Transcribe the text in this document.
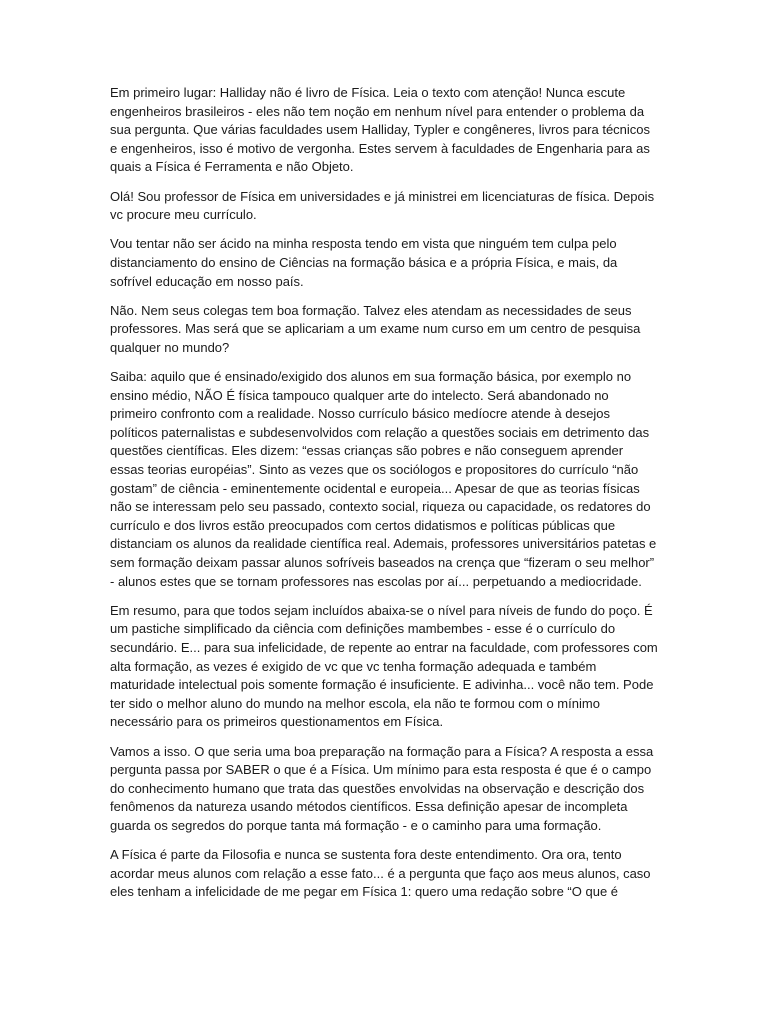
Em primeiro lugar: Halliday não é livro de Física. Leia o texto com atenção! Nunca escute engenheiros brasileiros - eles não tem noção em nenhum nível para entender o problema da sua pergunta. Que várias faculdades usem Halliday, Typler e congêneres, livros para técnicos e engenheiros, isso é motivo de vergonha. Estes servem à faculdades de Engenharia para as quais a Física é Ferramenta e não Objeto.

Olá! Sou professor de Física em universidades e já ministrei em licenciaturas de física. Depois vc procure meu currículo.

Vou tentar não ser ácido na minha resposta tendo em vista que ninguém tem culpa pelo distanciamento do ensino de Ciências na formação básica e a própria Física, e mais, da sofrível educação em nosso país.

Não. Nem seus colegas tem boa formação. Talvez eles atendam as necessidades de seus professores. Mas será que se aplicariam a um exame num curso em um centro de pesquisa qualquer no mundo?

Saiba: aquilo que é ensinado/exigido dos alunos em sua formação básica, por exemplo no ensino médio, NÃO É física tampouco qualquer arte do intelecto. Será abandonado no primeiro confronto com a realidade. Nosso currículo básico medíocre atende à desejos políticos paternalistas e subdesenvolvidos com relação a questões sociais em detrimento das questões científicas. Eles dizem: “essas crianças são pobres e não conseguem aprender essas teorias européias”. Sinto as vezes que os sociólogos e propositores do currículo “não gostam” de ciência - eminentemente ocidental e europeia... Apesar de que as teorias físicas não se interessam pelo seu passado, contexto social, riqueza ou capacidade, os redatores do currículo e dos livros estão preocupados com certos didatismos e políticas públicas que distanciam os alunos da realidade científica real. Ademais, professores universitários patetas e sem formação deixam passar alunos sofríveis baseados na crença que “fizeram o seu melhor” - alunos estes que se tornam professores nas escolas por aí... perpetuando a mediocridade.

Em resumo, para que todos sejam incluídos abaixa-se o nível para níveis de fundo do poço. É um pastiche simplificado da ciência com definições mambembes - esse é o currículo do secundário. E... para sua infelicidade, de repente ao entrar na faculdade, com professores com alta formação, as vezes é exigido de vc que vc tenha formação adequada e também maturidade intelectual pois somente formação é insuficiente. E adivinha... você não tem. Pode ter sido o melhor aluno do mundo na melhor escola, ela não te formou com o mínimo necessário para os primeiros questionamentos em Física.

Vamos a isso. O que seria uma boa preparação na formação para a Física? A resposta a essa pergunta passa por SABER o que é a Física. Um mínimo para esta resposta é que é o campo do conhecimento humano que trata das questões envolvidas na observação e descrição dos fenômenos da natureza usando métodos científicos. Essa definição apesar de incompleta guarda os segredos do porque tanta má formação - e o caminho para uma formação.

A Física é parte da Filosofia e nunca se sustenta fora deste entendimento. Ora ora, tento acordar meus alunos com relação a esse fato... é a pergunta que faço aos meus alunos, caso eles tenham a infelicidade de me pegar em Física 1: quero uma redação sobre “O que é
